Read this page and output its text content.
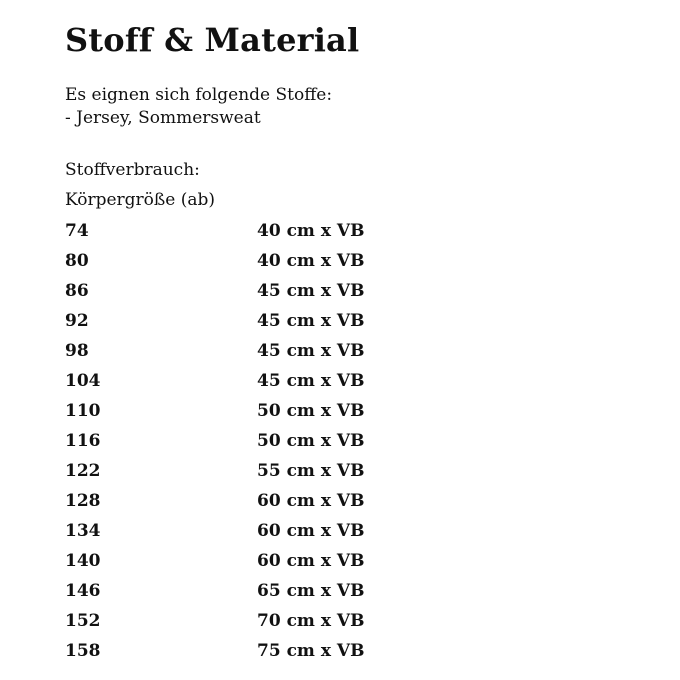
Stoff & Material
Es eignen sich folgende Stoffe:
- Jersey, Sommersweat
Stoffverbrauch:
Körpergröße (ab)
74	40 cm x VB
80	40 cm x VB
86	45 cm x VB
92	45 cm x VB
98	45 cm x VB
104	45 cm x VB
110	50 cm x VB
116	50 cm x VB
122	55 cm x VB
128	60 cm x VB
134	60 cm x VB
140	60 cm x VB
146	65 cm x VB
152	70 cm x VB
158	75 cm x VB
